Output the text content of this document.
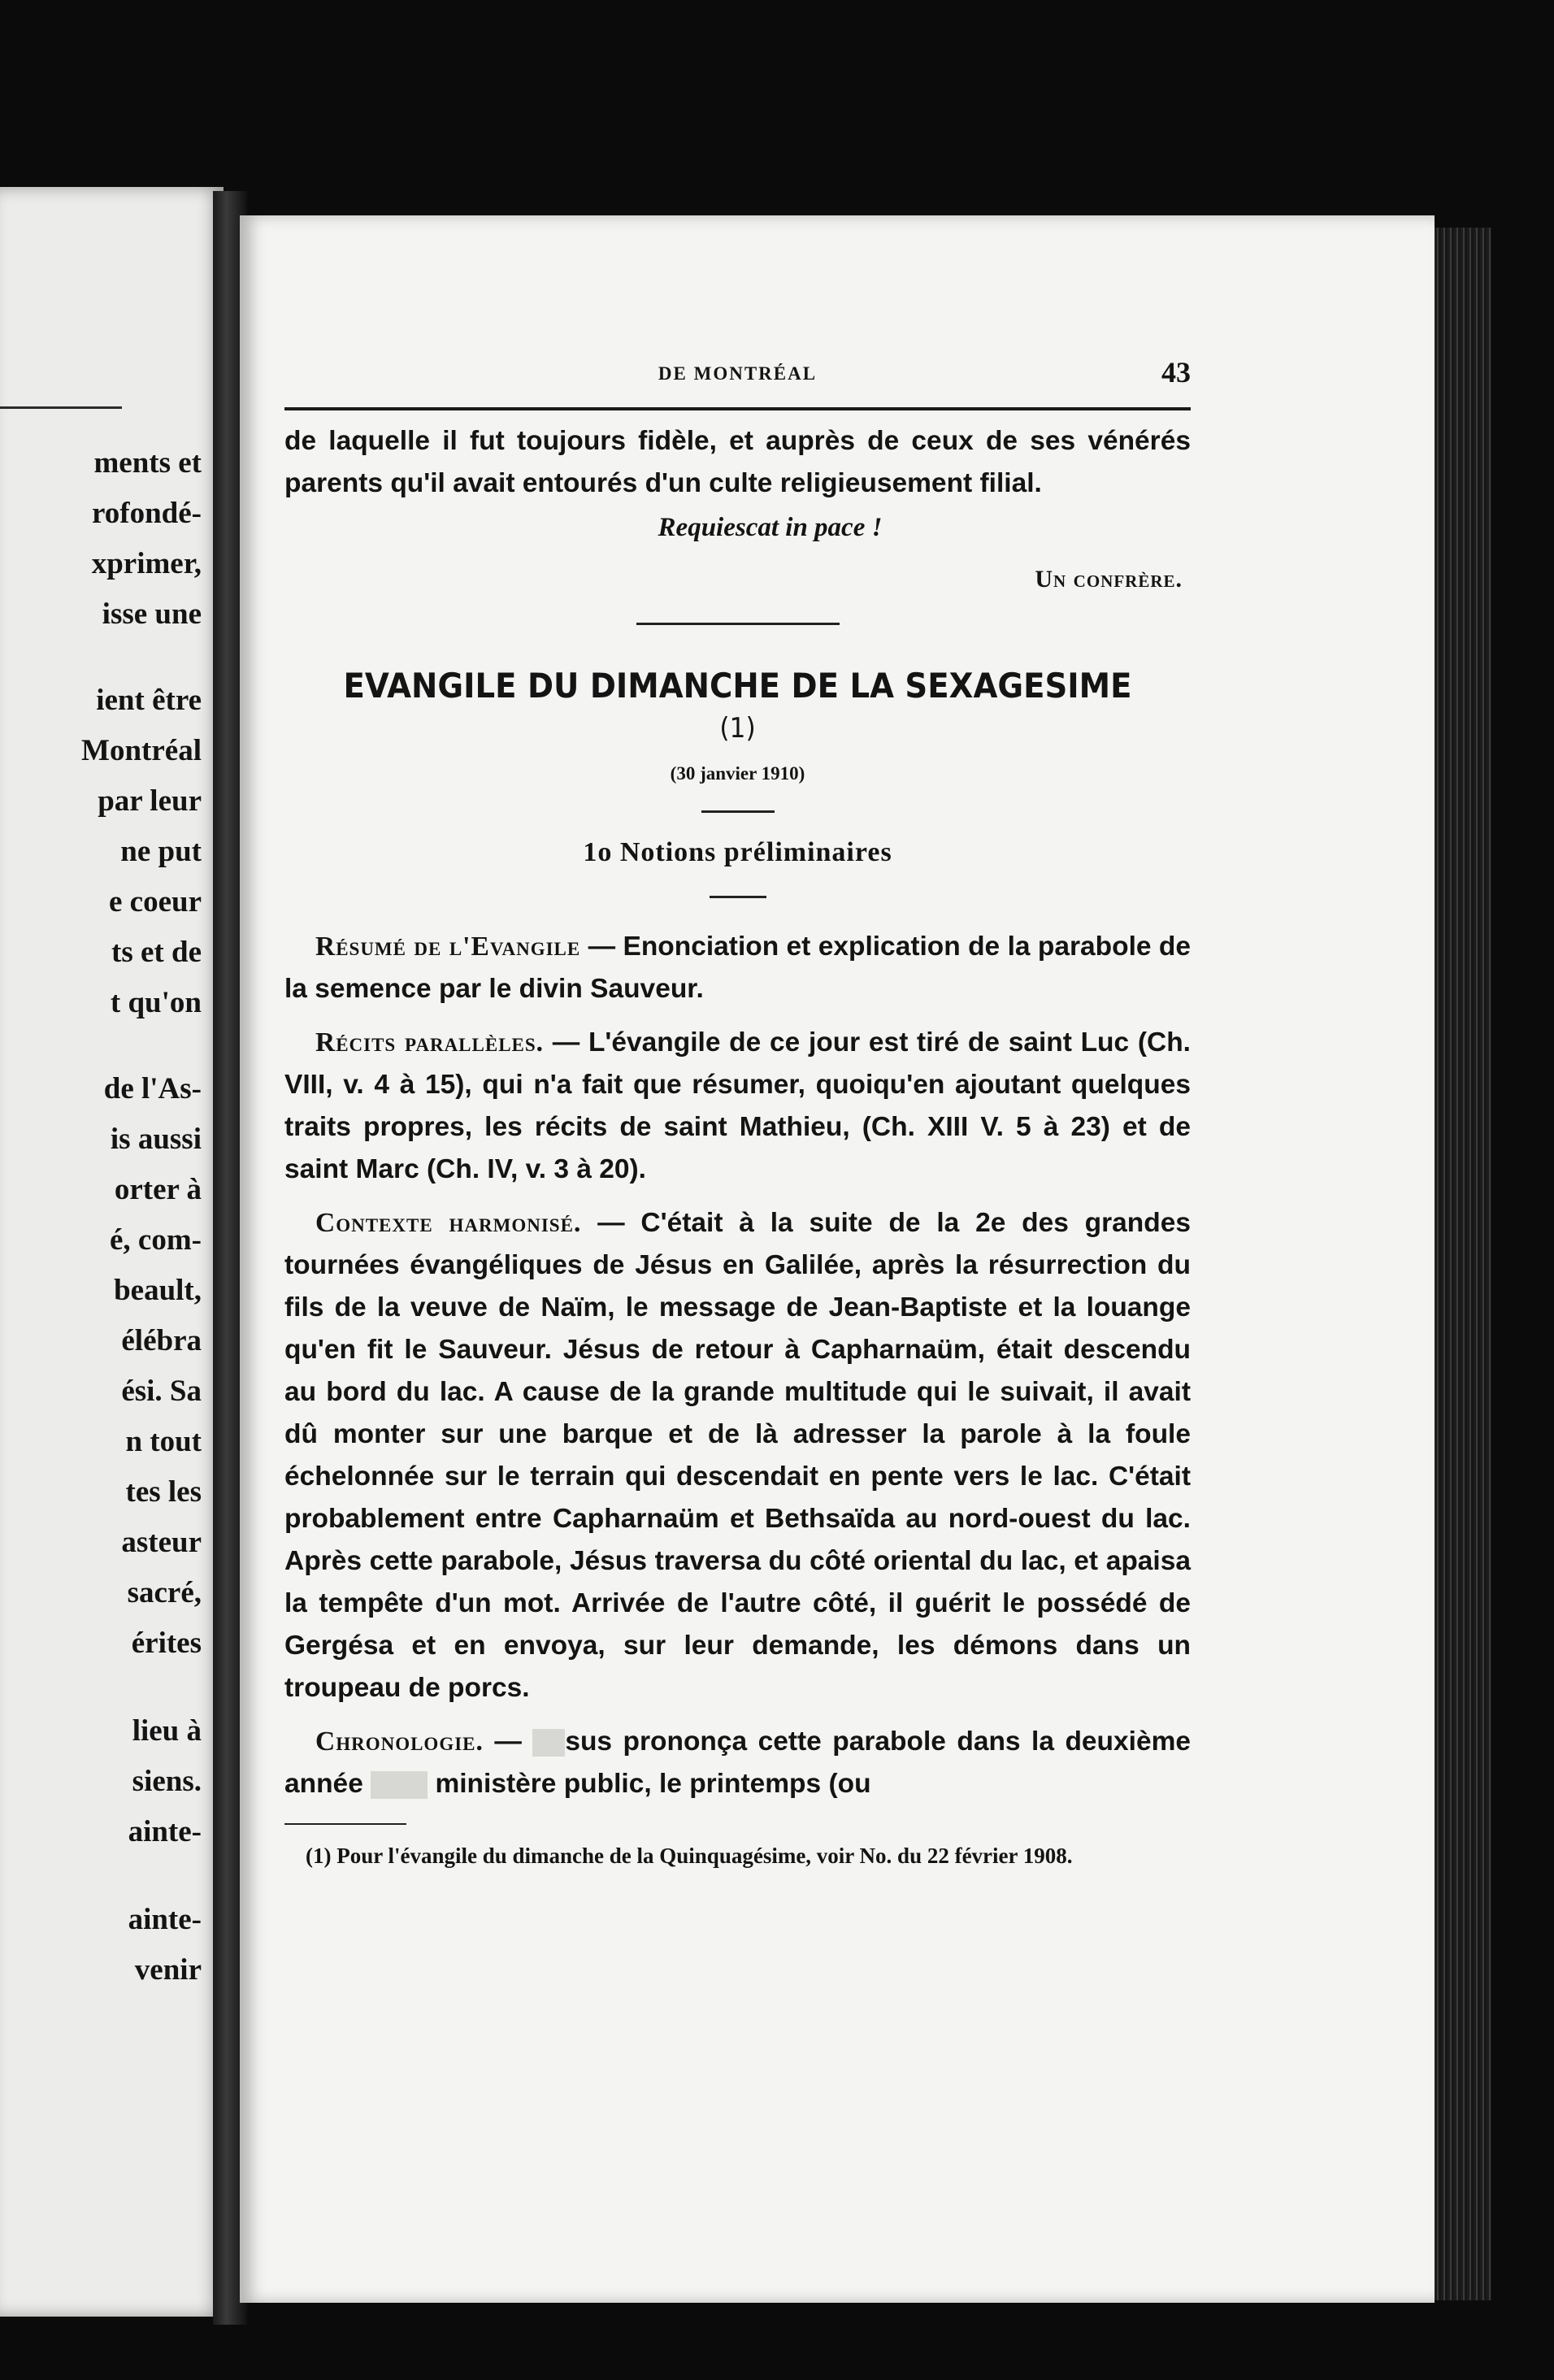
ments et
rofondé-
xprimer,
isse une
ient être
Montréal
par leur
ne put
e coeur
ts et de
t qu'on
de l'As-
is aussi
orter à
é, com-
beault,
élébra
ési. Sa
n tout
tes les
asteur
sacré,
érites
lieu à
siens.
ainte-
ainte-
venir
DE MONTRÉAL	43

de laquelle il fut toujours fidèle, et auprès de ceux de ses vénérés parents qu'il avait entourés d'un culte religieusement filial.

Requiescat in pace !

Un confrère.

EVANGILE DU DIMANCHE DE LA SEXAGESIME (1)
(30 janvier 1910)
1o Notions préliminaires

Résumé de l'Evangile — Enonciation et explication de la parabole de la semence par le divin Sauveur.

Récits parallèles. — L'évangile de ce jour est tiré de saint Luc (Ch. VIII, v. 4 à 15), qui n'a fait que résumer, quoiqu'en ajoutant quelques traits propres, les récits de saint Mathieu, (Ch. XIII V. 5 à 23) et de saint Marc (Ch. IV, v. 3 à 20).

Contexte harmonisé. — C'était à la suite de la 2e des grandes tournées évangéliques de Jésus en Galilée, après la résurrection du fils de la veuve de Naïm, le message de Jean-Baptiste et la louange qu'en fit le Sauveur. Jésus de retour à Capharnaüm, était descendu au bord du lac. A cause de la grande multitude qui le suivait, il avait dû monter sur une barque et de là adresser la parole à la foule échelonnée sur le terrain qui descendait en pente vers le lac. C'était probablement entre Capharnaüm et Bethsaïda au nord-ouest du lac. Après cette parabole, Jésus traversa du côté oriental du lac, et apaisa la tempête d'un mot. Arrivée de l'autre côté, il guérit le possédé de Gergésa et en envoya, sur leur demande, les démons dans un troupeau de porcs.

Chronologie. — sus prononça cette parabole dans la deuxième année  ministère public, le printemps (ou

(1) Pour l'évangile du dimanche de la Quinquagésime, voir No. du 22 février 1908.
